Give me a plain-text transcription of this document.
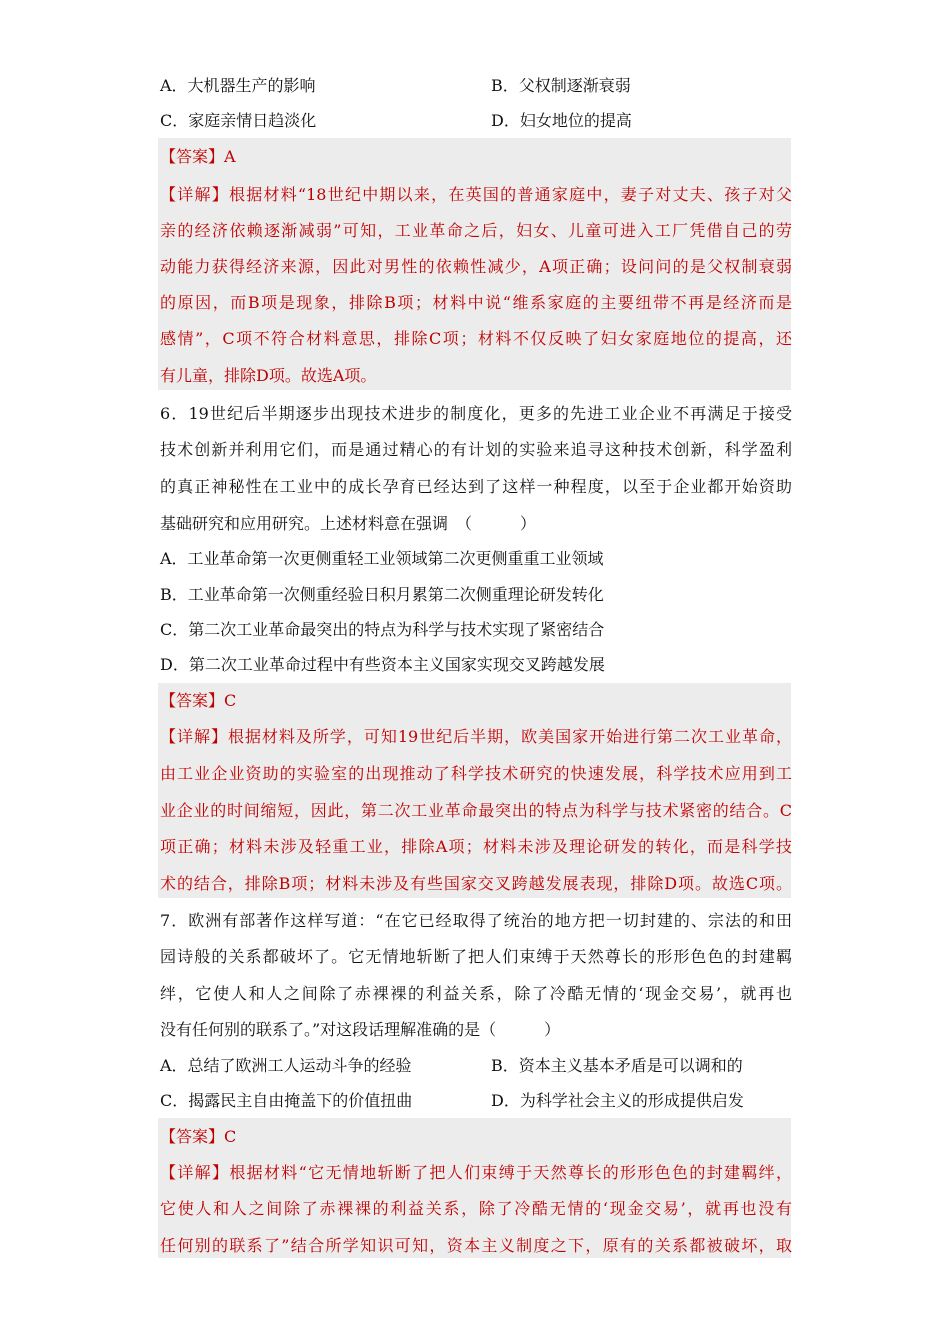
A．大机器生产的影响	B．父权制逐渐衰弱
C．家庭亲情日趋淡化	D．妇女地位的提高
【答案】A
【详解】根据材料“18世纪中期以来，在英国的普通家庭中，妻子对丈夫、孩子对父
亲的经济依赖逐渐减弱”可知，工业革命之后，妇女、儿童可进入工厂凭借自己的劳
动能力获得经济来源，因此对男性的依赖性减少，A项正确；设问问的是父权制衰弱
的原因，而B项是现象，排除B项；材料中说“维系家庭的主要纽带不再是经济而是
感情”，C项不符合材料意思，排除C项；材料不仅反映了妇女家庭地位的提高，还
有儿童，排除D项。故选A项。
6．19世纪后半期逐步出现技术进步的制度化，更多的先进工业企业不再满足于接受
技术创新并利用它们，而是通过精心的有计划的实验来追寻这种技术创新，科学盈利
的真正神秘性在工业中的成长孕育已经达到了这样一种程度，以至于企业都开始资助
基础研究和应用研究。上述材料意在强调　（　　　）
A．工业革命第一次更侧重轻工业领域第二次更侧重重工业领域
B．工业革命第一次侧重经验日积月累第二次侧重理论研发转化
C．第二次工业革命最突出的特点为科学与技术实现了紧密结合
D．第二次工业革命过程中有些资本主义国家实现交叉跨越发展
【答案】C
【详解】根据材料及所学，可知19世纪后半期，欧美国家开始进行第二次工业革命，
由工业企业资助的实验室的出现推动了科学技术研究的快速发展，科学技术应用到工
业企业的时间缩短，因此，第二次工业革命最突出的特点为科学与技术紧密的结合。C
项正确；材料未涉及轻重工业，排除A项；材料未涉及理论研发的转化，而是科学技
术的结合，排除B项；材料未涉及有些国家交叉跨越发展表现，排除D项。故选C项。
7．欧洲有部著作这样写道：“在它已经取得了统治的地方把一切封建的、宗法的和田
园诗般的关系都破坏了。它无情地斩断了把人们束缚于天然尊长的形形色色的封建羁
绊，它使人和人之间除了赤裸裸的利益关系，除了冷酷无情的‘现金交易’，就再也
没有任何别的联系了。”对这段话理解准确的是（　　　）
A．总结了欧洲工人运动斗争的经验	B．资本主义基本矛盾是可以调和的
C．揭露民主自由掩盖下的价值扭曲	D．为科学社会主义的形成提供启发
【答案】C
【详解】根据材料“它无情地斩断了把人们束缚于天然尊长的形形色色的封建羁绊，
它使人和人之间除了赤裸裸的利益关系，除了冷酷无情的‘现金交易’，就再也没有
任何别的联系了”结合所学知识可知，资本主义制度之下，原有的关系都被破坏，取
